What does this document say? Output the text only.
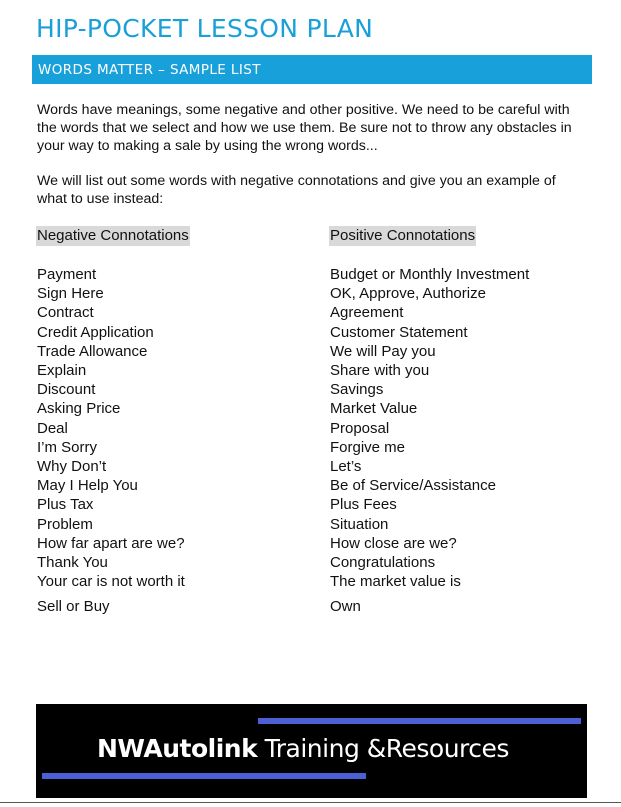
HIP-POCKET LESSON PLAN
WORDS MATTER – SAMPLE LIST

Words have meanings, some negative and other positive. We need to be careful with the words that we select and how we use them. Be sure not to throw any obstacles in your way to making a sale by using the wrong words...

We will list out some words with negative connotations and give you an example of what to use instead:

Negative Connotations	Positive Connotations
Payment
Sign Here
Contract
Credit Application
Trade Allowance
Explain
Discount
Asking Price
Deal
I’m Sorry
Why Don’t
May I Help You
Plus Tax
Problem
How far apart are we?
Thank You
Your car is not worth it
Sell or Buy
Budget or Monthly Investment
OK, Approve, Authorize
Agreement
Customer Statement
We will Pay you
Share with you
Savings
Market Value
Proposal
Forgive me
Let’s
Be of Service/Assistance
Plus Fees
Situation
How close are we?
Congratulations
The market value is
Own
NWAutolink Training &Resources
